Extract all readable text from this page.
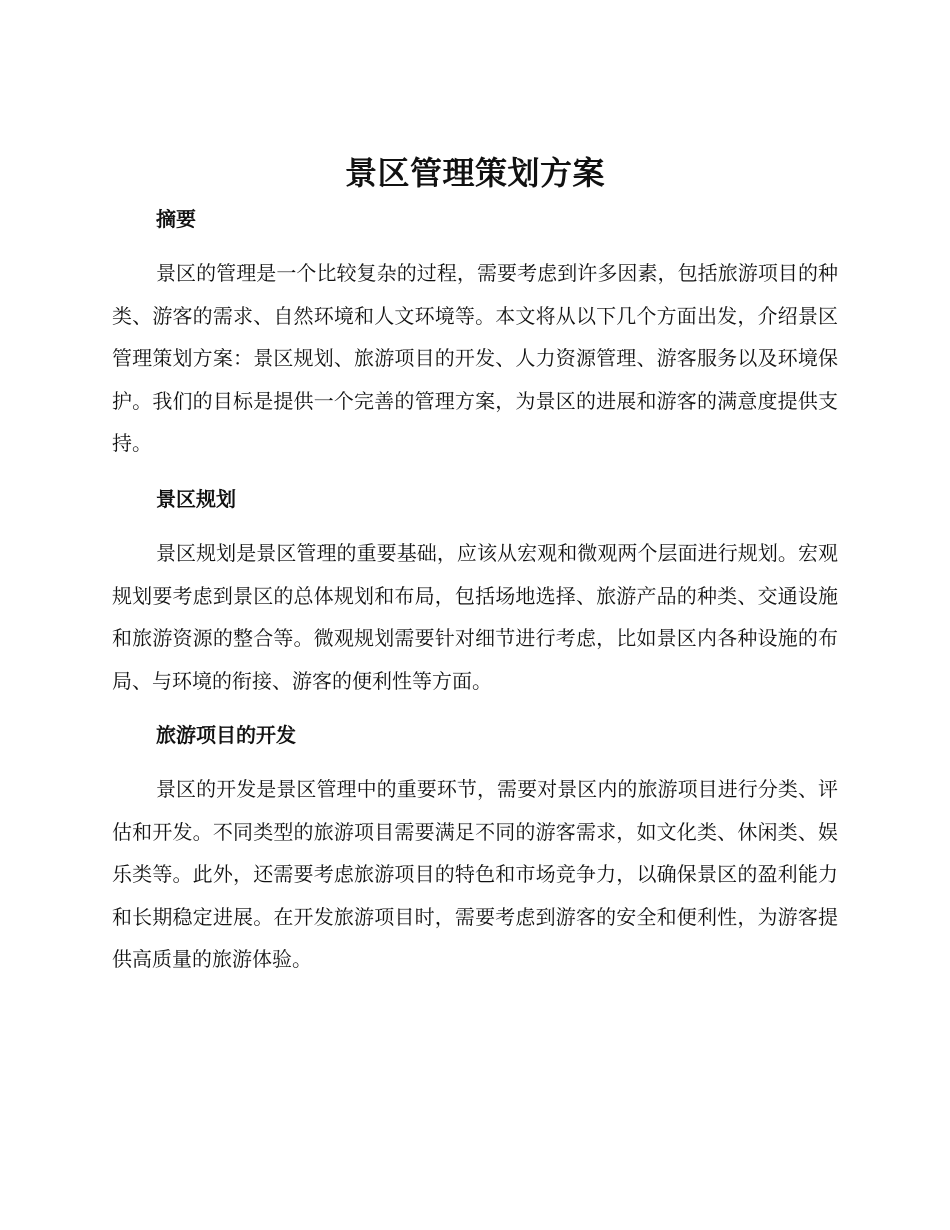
景区管理策划方案
摘要

景区的管理是一个比较复杂的过程，需要考虑到许多因素，包括旅游项目的种类、游客的需求、自然环境和人文环境等。本文将从以下几个方面出发，介绍景区管理策划方案：景区规划、旅游项目的开发、人力资源管理、游客服务以及环境保护。我们的目标是提供一个完善的管理方案，为景区的进展和游客的满意度提供支持。

景区规划

景区规划是景区管理的重要基础，应该从宏观和微观两个层面进行规划。宏观规划要考虑到景区的总体规划和布局，包括场地选择、旅游产品的种类、交通设施和旅游资源的整合等。微观规划需要针对细节进行考虑，比如景区内各种设施的布局、与环境的衔接、游客的便利性等方面。

旅游项目的开发

景区的开发是景区管理中的重要环节，需要对景区内的旅游项目进行分类、评估和开发。不同类型的旅游项目需要满足不同的游客需求，如文化类、休闲类、娱乐类等。此外，还需要考虑旅游项目的特色和市场竞争力，以确保景区的盈利能力和长期稳定进展。在开发旅游项目时，需要考虑到游客的安全和便利性，为游客提供高质量的旅游体验。
